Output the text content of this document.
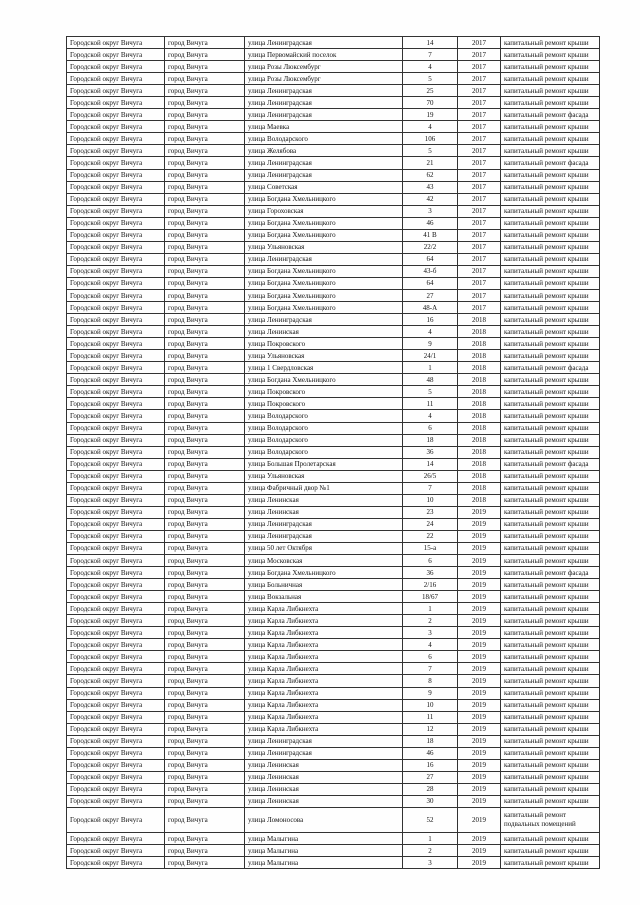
Городской округ Вичуга	город Вичуга	улица Ленинградская	14	2017	капитальный ремонт крыши
Городской округ Вичуга	город Вичуга	улица Первомайский поселок	7	2017	капитальный ремонт крыши
Городской округ Вичуга	город Вичуга	улица Розы Люксембург	4	2017	капитальный ремонт крыши
Городской округ Вичуга	город Вичуга	улица Розы Люксембург	5	2017	капитальный ремонт крыши
Городской округ Вичуга	город Вичуга	улица Ленинградская	25	2017	капитальный ремонт крыши
Городской округ Вичуга	город Вичуга	улица Ленинградская	70	2017	капитальный ремонт крыши
Городской округ Вичуга	город Вичуга	улица Ленинградская	19	2017	капитальный ремонт фасада
Городской округ Вичуга	город Вичуга	улица Маевка	4	2017	капитальный ремонт крыши
Городской округ Вичуга	город Вичуга	улица Володарского	106	2017	капитальный ремонт крыши
Городской округ Вичуга	город Вичуга	улица Желябова	5	2017	капитальный ремонт крыши
Городской округ Вичуга	город Вичуга	улица Ленинградская	21	2017	капитальный ремонт фасада
Городской округ Вичуга	город Вичуга	улица Ленинградская	62	2017	капитальный ремонт крыши
Городской округ Вичуга	город Вичуга	улица Советская	43	2017	капитальный ремонт крыши
Городской округ Вичуга	город Вичуга	улица Богдана Хмельницкого	42	2017	капитальный ремонт крыши
Городской округ Вичуга	город Вичуга	улица Гороховская	3	2017	капитальный ремонт крыши
Городской округ Вичуга	город Вичуга	улица Богдана Хмельницкого	46	2017	капитальный ремонт крыши
Городской округ Вичуга	город Вичуга	улица Богдана Хмельницкого	41 В	2017	капитальный ремонт крыши
Городской округ Вичуга	город Вичуга	улица Ульяновская	22/2	2017	капитальный ремонт крыши
Городской округ Вичуга	город Вичуга	улица Ленинградская	64	2017	капитальный ремонт крыши
Городской округ Вичуга	город Вичуга	улица Богдана Хмельницкого	43-б	2017	капитальный ремонт крыши
Городской округ Вичуга	город Вичуга	улица Богдана Хмельницкого	64	2017	капитальный ремонт крыши
Городской округ Вичуга	город Вичуга	улица Богдана Хмельницкого	27	2017	капитальный ремонт крыши
Городской округ Вичуга	город Вичуга	улица Богдана Хмельницкого	48-А	2017	капитальный ремонт крыши
Городской округ Вичуга	город Вичуга	улица Ленинградская	16	2018	капитальный ремонт крыши
Городской округ Вичуга	город Вичуга	улица Ленинская	4	2018	капитальный ремонт крыши
Городской округ Вичуга	город Вичуга	улица Покровского	9	2018	капитальный ремонт крыши
Городской округ Вичуга	город Вичуга	улица Ульяновская	24/1	2018	капитальный ремонт крыши
Городской округ Вичуга	город Вичуга	улица 1 Свердловская	1	2018	капитальный ремонт фасада
Городской округ Вичуга	город Вичуга	улица Богдана Хмельницкого	48	2018	капитальный ремонт крыши
Городской округ Вичуга	город Вичуга	улица Покровского	5	2018	капитальный ремонт крыши
Городской округ Вичуга	город Вичуга	улица Покровского	11	2018	капитальный ремонт крыши
Городской округ Вичуга	город Вичуга	улица Володарского	4	2018	капитальный ремонт крыши
Городской округ Вичуга	город Вичуга	улица Володарского	6	2018	капитальный ремонт крыши
Городской округ Вичуга	город Вичуга	улица Володарского	18	2018	капитальный ремонт крыши
Городской округ Вичуга	город Вичуга	улица Володарского	36	2018	капитальный ремонт крыши
Городской округ Вичуга	город Вичуга	улица Большая Пролетарская	14	2018	капитальный ремонт фасада
Городской округ Вичуга	город Вичуга	улица Ульяновская	26/5	2018	капитальный ремонт крыши
Городской округ Вичуга	город Вичуга	улица Фабричный двор №1	7	2018	капитальный ремонт крыши
Городской округ Вичуга	город Вичуга	улица Ленинская	10	2018	капитальный ремонт крыши
Городской округ Вичуга	город Вичуга	улица Ленинская	23	2019	капитальный ремонт крыши
Городской округ Вичуга	город Вичуга	улица Ленинградская	24	2019	капитальный ремонт крыши
Городской округ Вичуга	город Вичуга	улица Ленинградская	22	2019	капитальный ремонт крыши
Городской округ Вичуга	город Вичуга	улица 50 лет Октября	15-а	2019	капитальный ремонт крыши
Городской округ Вичуга	город Вичуга	улица Московская	6	2019	капитальный ремонт крыши
Городской округ Вичуга	город Вичуга	улица Богдана Хмельницкого	36	2019	капитальный ремонт фасада
Городской округ Вичуга	город Вичуга	улица Больничная	2/16	2019	капитальный ремонт крыши
Городской округ Вичуга	город Вичуга	улица Вокзальная	18/67	2019	капитальный ремонт крыши
Городской округ Вичуга	город Вичуга	улица Карла Либкнехта	1	2019	капитальный ремонт крыши
Городской округ Вичуга	город Вичуга	улица Карла Либкнехта	2	2019	капитальный ремонт крыши
Городской округ Вичуга	город Вичуга	улица Карла Либкнехта	3	2019	капитальный ремонт крыши
Городской округ Вичуга	город Вичуга	улица Карла Либкнехта	4	2019	капитальный ремонт крыши
Городской округ Вичуга	город Вичуга	улица Карла Либкнехта	6	2019	капитальный ремонт крыши
Городской округ Вичуга	город Вичуга	улица Карла Либкнехта	7	2019	капитальный ремонт крыши
Городской округ Вичуга	город Вичуга	улица Карла Либкнехта	8	2019	капитальный ремонт крыши
Городской округ Вичуга	город Вичуга	улица Карла Либкнехта	9	2019	капитальный ремонт крыши
Городской округ Вичуга	город Вичуга	улица Карла Либкнехта	10	2019	капитальный ремонт крыши
Городской округ Вичуга	город Вичуга	улица Карла Либкнехта	11	2019	капитальный ремонт крыши
Городской округ Вичуга	город Вичуга	улица Карла Либкнехта	12	2019	капитальный ремонт крыши
Городской округ Вичуга	город Вичуга	улица Ленинградская	18	2019	капитальный ремонт крыши
Городской округ Вичуга	город Вичуга	улица Ленинградская	46	2019	капитальный ремонт крыши
Городской округ Вичуга	город Вичуга	улица Ленинская	16	2019	капитальный ремонт крыши
Городской округ Вичуга	город Вичуга	улица Ленинская	27	2019	капитальный ремонт крыши
Городской округ Вичуга	город Вичуга	улица Ленинская	28	2019	капитальный ремонт крыши
Городской округ Вичуга	город Вичуга	улица Ленинская	30	2019	капитальный ремонт крыши
Городской округ Вичуга	город Вичуга	улица Ломоносова	52	2019	капитальный ремонт подвальных помещений
Городской округ Вичуга	город Вичуга	улица Малыгина	1	2019	капитальный ремонт крыши
Городской округ Вичуга	город Вичуга	улица Малыгина	2	2019	капитальный ремонт крыши
Городской округ Вичуга	город Вичуга	улица Малыгина	3	2019	капитальный ремонт крыши
